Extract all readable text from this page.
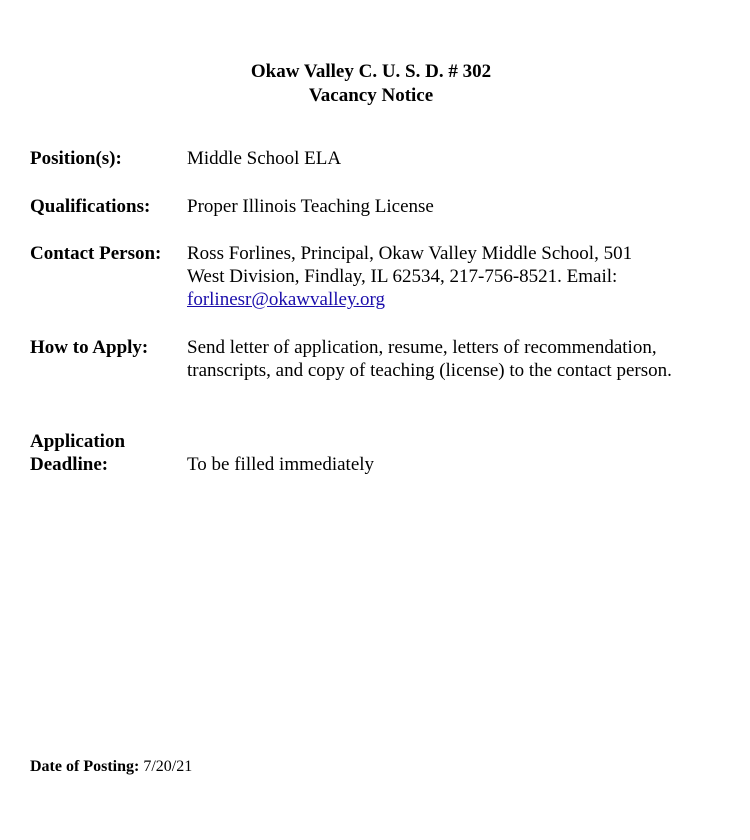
Okaw Valley C. U. S. D. # 302
Vacancy Notice
Position(s):	Middle School ELA
Qualifications: Proper Illinois Teaching License
Contact Person: Ross Forlines, Principal, Okaw Valley Middle School, 501
West Division, Findlay, IL 62534, 217-756-8521. Email:
forlinesr@okawvalley.org
How to Apply: Send letter of application, resume, letters of recommendation,
transcripts, and copy of teaching (license) to the contact person.
Application
Deadline:	To be filled immediately
Date of Posting: 7/20/21
